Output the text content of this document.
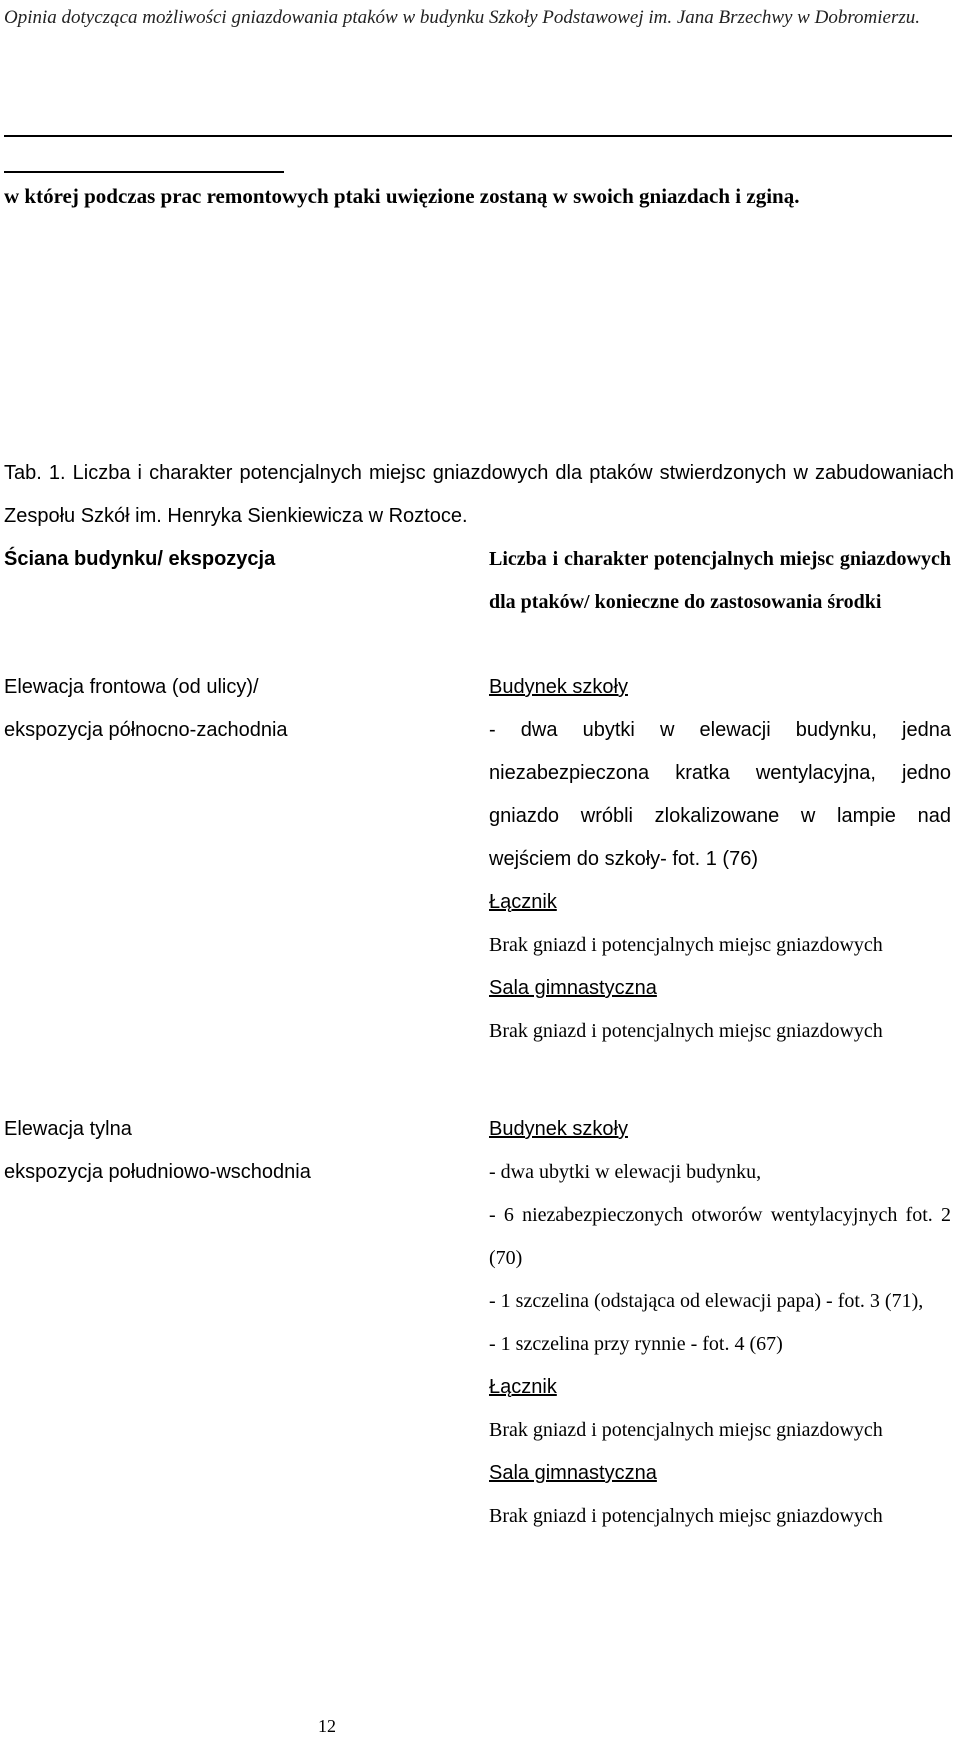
Opinia dotycząca możliwości gniazdowania ptaków w budynku Szkoły Podstawowej im. Jana Brzechwy w Dobromierzu.
w której podczas prac remontowych ptaki uwięzione zostaną w swoich gniazdach i zginą.
Tab. 1. Liczba i charakter potencjalnych miejsc gniazdowych dla ptaków stwierdzonych w zabudowaniach Zespołu Szkół im. Henryka Sienkiewicza w Roztoce.
Ściana budynku/ ekspozycja	Liczba i charakter potencjalnych miejsc gniazdowych dla ptaków/ konieczne do zastosowania środki
Elewacja frontowa (od ulicy)/
ekspozycja północno-zachodnia
Budynek szkoły
- dwa ubytki w elewacji budynku, jedna niezabezpieczona kratka wentylacyjna, jedno gniazdo wróbli zlokalizowane w lampie nad wejściem do szkoły- fot. 1 (76)
Łącznik
Brak gniazd i potencjalnych miejsc gniazdowych
Sala gimnastyczna
Brak gniazd i potencjalnych miejsc gniazdowych
Elewacja tylna
ekspozycja południowo-wschodnia
Budynek szkoły
- dwa ubytki w elewacji budynku,
- 6 niezabezpieczonych otworów wentylacyjnych fot. 2 (70)
- 1 szczelina (odstająca od elewacji papa) - fot. 3 (71),
- 1 szczelina przy rynnie - fot. 4 (67)
Łącznik
Brak gniazd i potencjalnych miejsc gniazdowych
Sala gimnastyczna
Brak gniazd i potencjalnych miejsc gniazdowych
12
